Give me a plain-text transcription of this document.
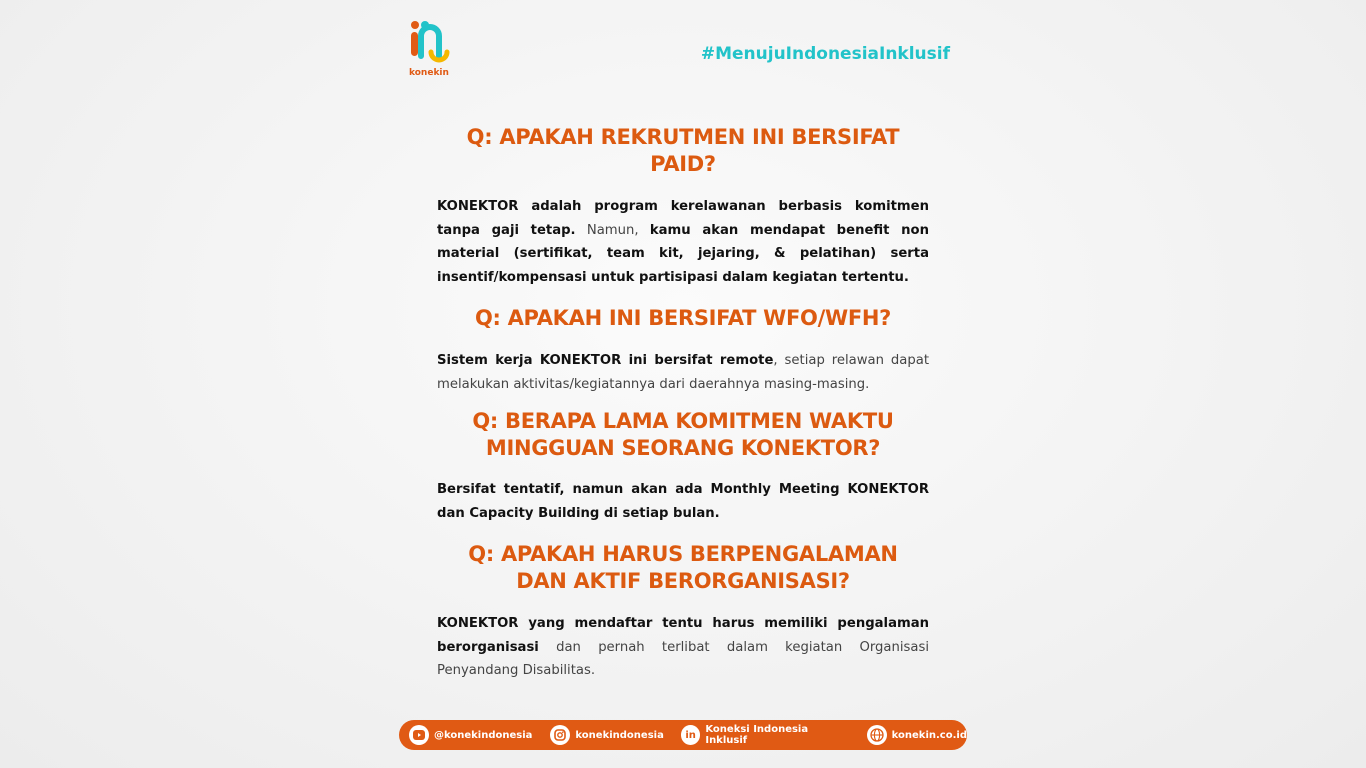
konekin
#MenujuIndonesiaInklusif
Q: APAKAH REKRUTMEN INI BERSIFAT PAID?

KONEKTOR adalah program kerelawanan berbasis komitmen tanpa gaji tetap. Namun, kamu akan mendapat benefit non material (sertifikat, team kit, jejaring, & pelatihan) serta insentif/kompensasi untuk partisipasi dalam kegiatan tertentu.

Q: APAKAH INI BERSIFAT WFO/WFH?

Sistem kerja KONEKTOR ini bersifat remote, setiap relawan dapat melakukan aktivitas/kegiatannya dari daerahnya masing-masing.

Q: BERAPA LAMA KOMITMEN WAKTU
MINGGUAN SEORANG KONEKTOR?

Bersifat tentatif, namun akan ada Monthly Meeting KONEKTOR dan Capacity Building di setiap bulan.

Q: APAKAH HARUS BERPENGALAMAN
DAN AKTIF BERORGANISASI?

KONEKTOR yang mendaftar tentu harus memiliki pengalaman berorganisasi dan pernah terlibat dalam kegiatan Organisasi Penyandang Disabilitas.

@konekindonesia	konekindonesia in Koneksi Indonesia Inklusif	konekin.co.id
